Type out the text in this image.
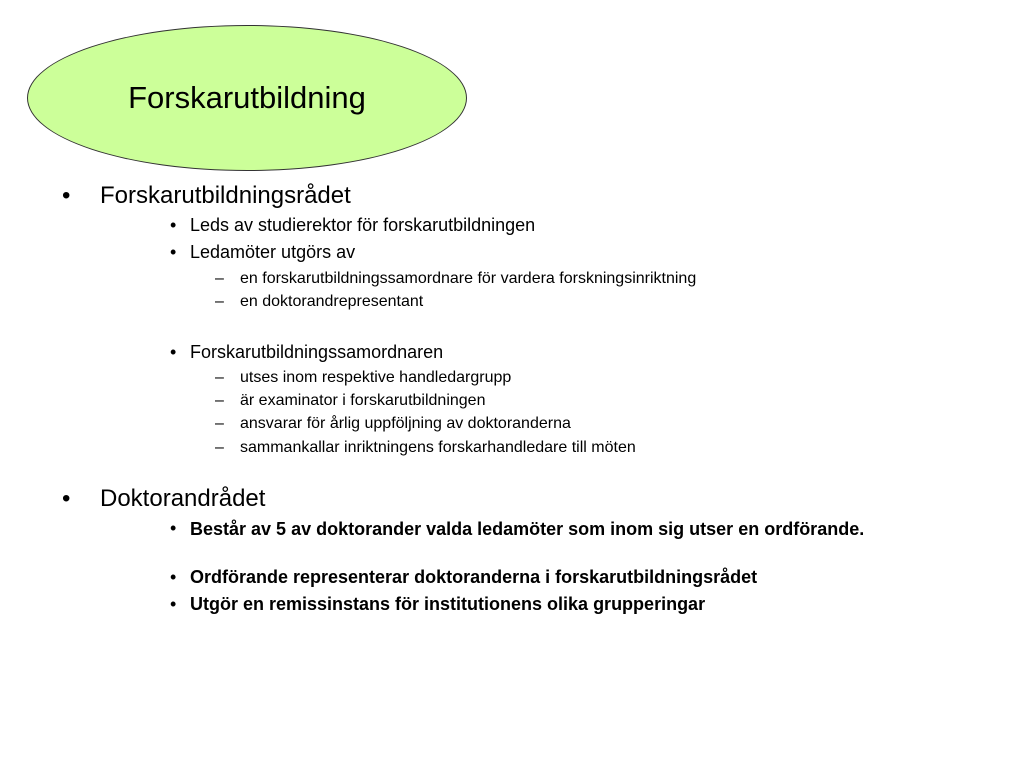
Forskarutbildning
• Forskarutbildningsrådet
• Leds av studierektor för forskarutbildningen
• Ledamöter utgörs av
– en forskarutbildningssamordnare för vardera forskningsinriktning
– en doktorandrepresentant
• Forskarutbildningssamordnaren
– utses inom respektive handledargrupp
– är examinator i forskarutbildningen
– ansvarar för årlig uppföljning av doktoranderna
– sammankallar inriktningens forskarhandledare till möten
• Doktorandrådet
• Består av 5 av doktorander valda ledamöter som inom sig utser en ordförande.
• Ordförande representerar doktoranderna i forskarutbildningsrådet
• Utgör en remissinstans för institutionens olika grupperingar
